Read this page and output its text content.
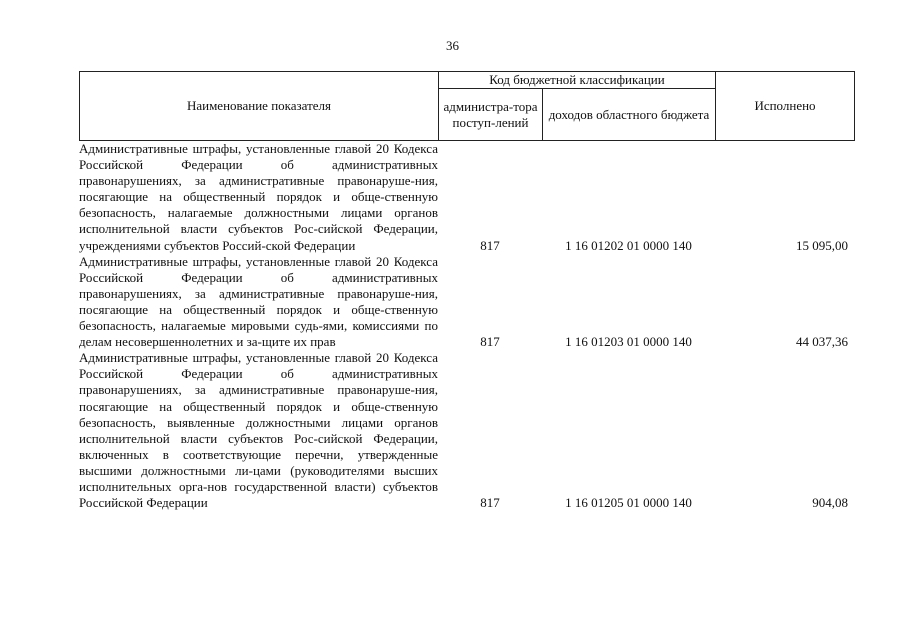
36
Наименование показателя	Код бюджетной классификации		Исполнено
	администра-тора поступ-лений	доходов областного бюджета	
Административные штрафы, установленные главой 20 Кодекса Российской Федерации об административных правонарушениях, за административные правонаруше-ния, посягающие на общественный порядок и обще-ственную безопасность, налагаемые должностными лицами органов исполнительной власти субъектов Рос-сийской Федерации, учреждениями субъектов Россий-ской Федерации	817	1 16 01202 01 0000 140	15 095,00
Административные штрафы, установленные главой 20 Кодекса Российской Федерации об административных правонарушениях, за административные правонаруше-ния, посягающие на общественный порядок и обще-ственную безопасность, налагаемые мировыми судь-ями, комиссиями по делам несовершеннолетних и за-щите их прав	817	1 16 01203 01 0000 140	44 037,36
Административные штрафы, установленные главой 20 Кодекса Российской Федерации об административных правонарушениях, за административные правонаруше-ния, посягающие на общественный порядок и обще-ственную безопасность, выявленные должностными лицами органов исполнительной власти субъектов Рос-сийской Федерации, включенных в соответствующие перечни, утвержденные высшими должностными ли-цами (руководителями высших исполнительных орга-нов государственной власти) субъектов Российской Федерации	817	1 16 01205 01 0000 140	904,08
